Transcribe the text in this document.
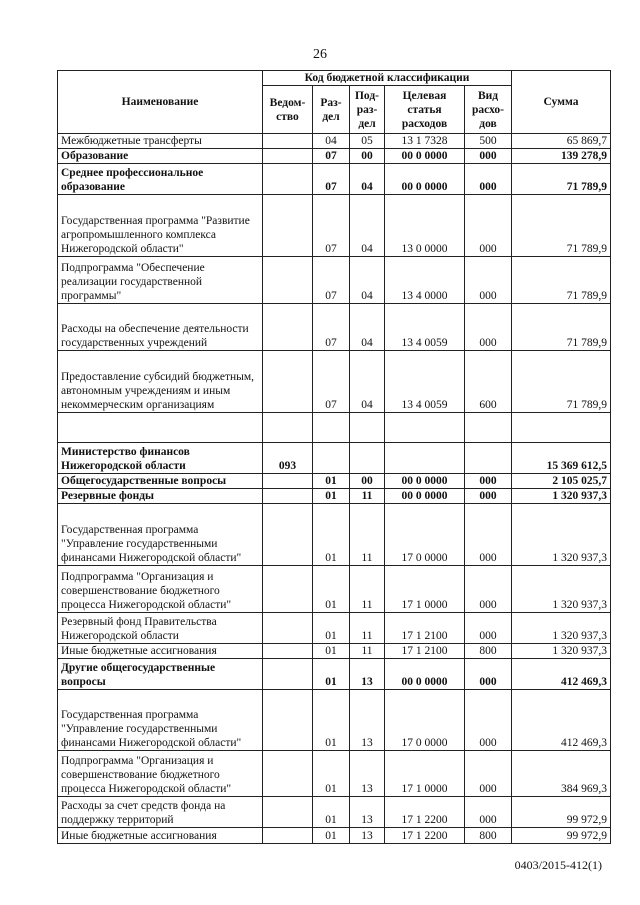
26
Наименование	Код бюджетной классификации					Сумма
	Ведом-ство	Раз-дел	Под-раз-дел	Целевая статья расходов	Вид расхо-дов	
Межбюджетные трансферты		04	05	13 1 7328	500	65 869,7
Образование		07	00	00 0 0000	000	139 278,9
Среднее профессиональное образование		07	04	00 0 0000	000	71 789,9
Государственная программа "Развитие агропромышленного комплекса Нижегородской области"		07	04	13 0 0000	000	71 789,9
Подпрограмма "Обеспечение реализации государственной программы"		07	04	13 4 0000	000	71 789,9
Расходы на обеспечение деятельности государственных учреждений		07	04	13 4 0059	000	71 789,9
Предоставление субсидий бюджетным, автономным учреждениям и иным некоммерческим организациям		07	04	13 4 0059	600	71 789,9

Министерство финансов Нижегородской области	093					15 369 612,5
Общегосударственные вопросы		01	00	00 0 0000	000	2 105 025,7
Резервные фонды		01	11	00 0 0000	000	1 320 937,3
Государственная программа "Управление государственными финансами Нижегородской области"		01	11	17 0 0000	000	1 320 937,3
Подпрограмма "Организация и совершенствование бюджетного процесса Нижегородской области"		01	11	17 1 0000	000	1 320 937,3
Резервный фонд Правительства Нижегородской области		01	11	17 1 2100	000	1 320 937,3
Иные бюджетные ассигнования		01	11	17 1 2100	800	1 320 937,3
Другие общегосударственные вопросы		01	13	00 0 0000	000	412 469,3
Государственная программа "Управление государственными финансами Нижегородской области"		01	13	17 0 0000	000	412 469,3
Подпрограмма "Организация и совершенствование бюджетного процесса Нижегородской области"		01	13	17 1 0000	000	384 969,3
Расходы за счет средств фонда на поддержку территорий		01	13	17 1 2200	000	99 972,9
Иные бюджетные ассигнования		01	13	17 1 2200	800	99 972,9
0403/2015-412(1)
